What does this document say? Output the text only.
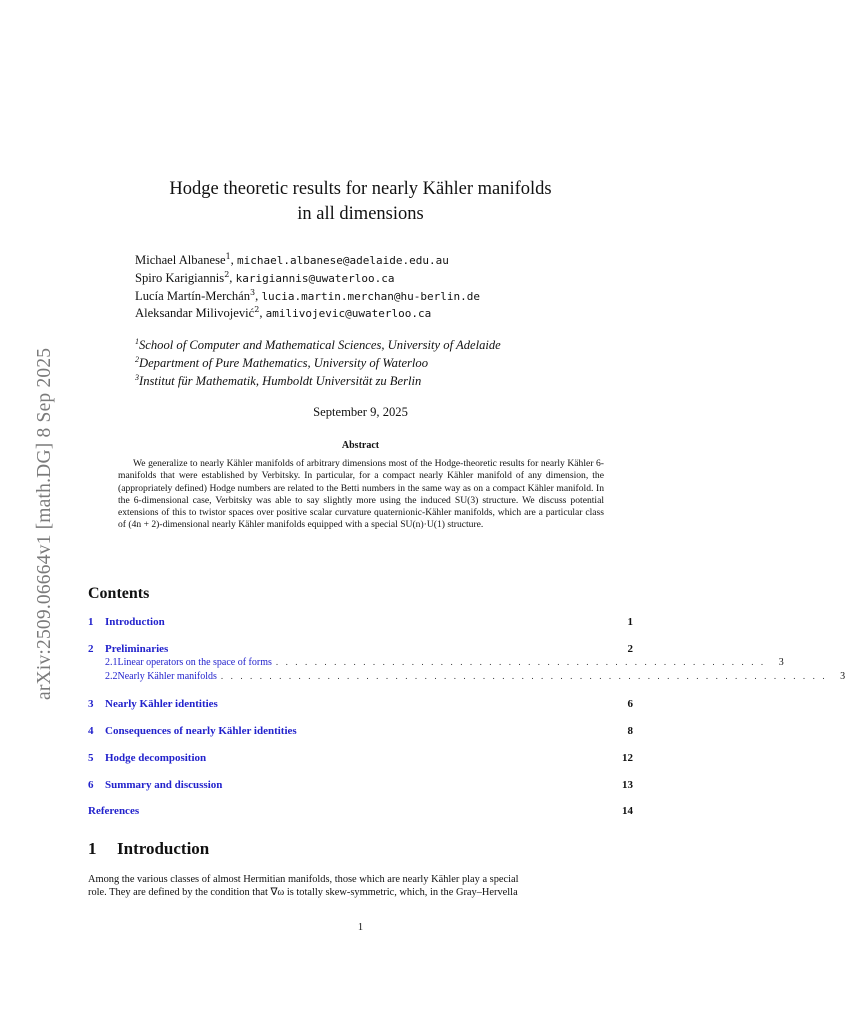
arXiv:2509.06664v1 [math.DG] 8 Sep 2025
Hodge theoretic results for nearly Kähler manifolds
in all dimensions
Michael Albanese$^1$, michael.albanese@adelaide.edu.au
Spiro Karigiannis$^2$, karigiannis@uwaterloo.ca
Lucía Martín-Merchán$^3$, lucia.martin.merchan@hu-berlin.de
Aleksandar Milivojević$^2$, amilivojevic@uwaterloo.ca
$^1$School of Computer and Mathematical Sciences, University of Adelaide
$^2$Department of Pure Mathematics, University of Waterloo
$^3$Institut für Mathematik, Humboldt Universität zu Berlin
September 9, 2025
Abstract
We generalize to nearly Kähler manifolds of arbitrary dimensions most of the Hodge-theoretic results for nearly Kähler 6-manifolds that were established by Verbitsky. In particular, for a compact nearly Kähler manifold of any dimension, the (appropriately defined) Hodge numbers are related to the Betti numbers in the same way as on a compact Kähler manifold. In the 6-dimensional case, Verbitsky was able to say slightly more using the induced SU(3) structure. We discuss potential extensions of this to twistor spaces over positive scalar curvature quaternionic-Kähler manifolds, which are a particular class of (4n + 2)-dimensional nearly Kähler manifolds equipped with a special SU(n)·U(1) structure.
Contents
1	Introduction	1
2	Preliminaries	2
2.1 Linear operators on the space of forms . . . . . . . . . . . . . . . . . . . . . . . . . . . . . . . . . . . . . . . . . . . . . . . . . . .	3
2.2 Nearly Kähler manifolds . . . . . . . . . . . . . . . . . . . . . . . . . . . . . . . . . . . . . . . . . . . . . . . . . . . . . . . . . . . . . . .	3
3	Nearly Kähler identities	6
4	Consequences of nearly Kähler identities	8
5	Hodge decomposition	12
6	Summary and discussion	13
References	14
1 Introduction
Among the various classes of almost Hermitian manifolds, those which are nearly Kähler play a special
role. They are defined by the condition that ∇ω is totally skew-symmetric, which, in the Gray–Hervella
1
